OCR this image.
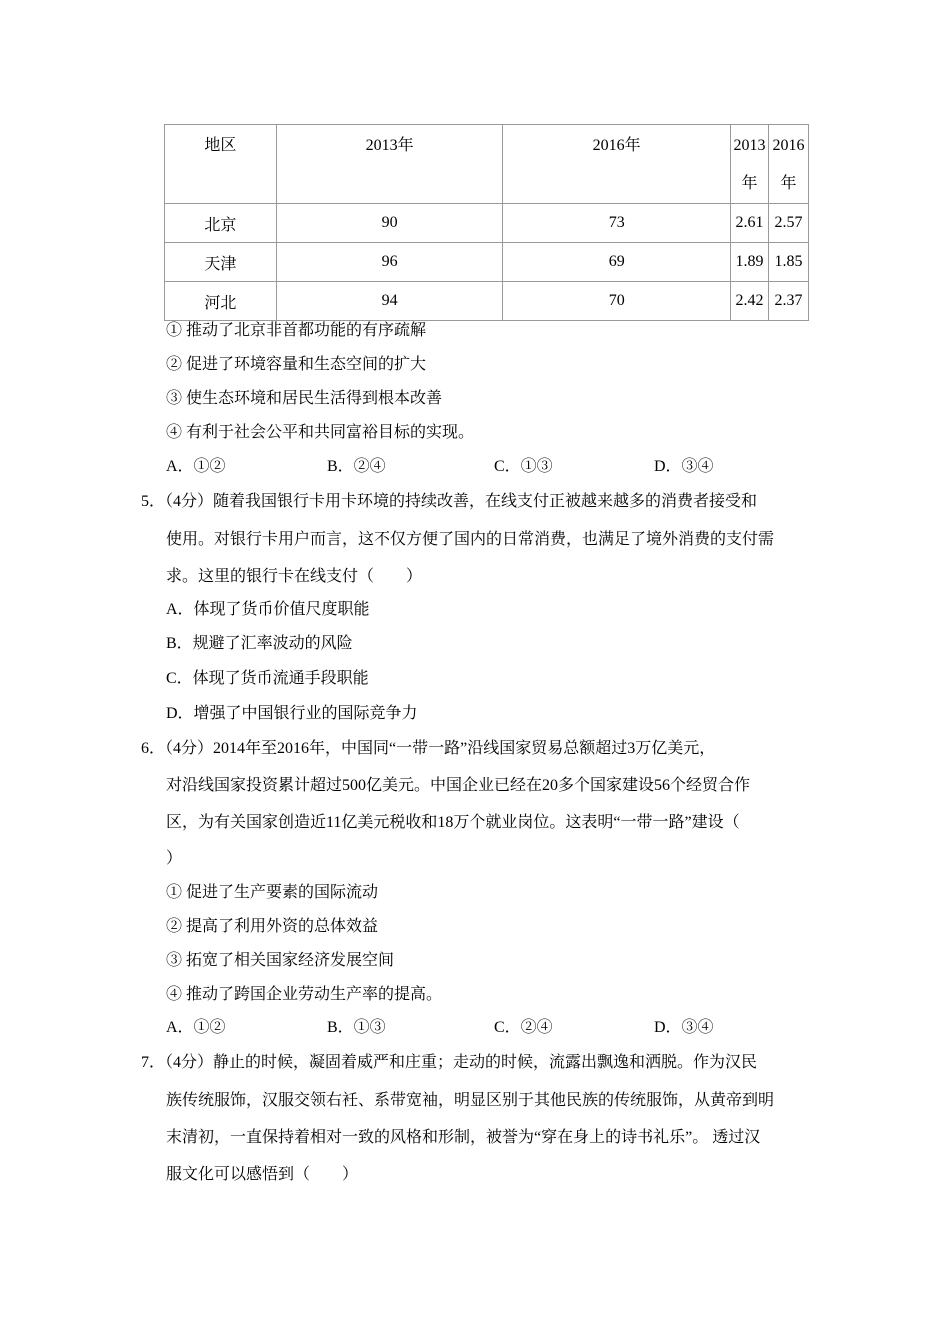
地区	2013年	2016年	2013年	2016年
北京	90	73	2.61	2.57
天津	96	69	1.89	1.85
河北	94	70	2.42	2.37
① 推动了北京非首都功能的有序疏解
② 促进了环境容量和生态空间的扩大
③ 使生态环境和居民生活得到根本改善
④ 有利于社会公平和共同富裕目标的实现。
A．①②	B．②④	C．①③	D．③④
5．（4分）随着我国银行卡用卡环境的持续改善，在线支付正被越来越多的消费者接受和
使用。对银行卡用户而言，这不仅方便了国内的日常消费，也满足了境外消费的支付需
求。这里的银行卡在线支付（　　）
A．体现了货币价值尺度职能
B．规避了汇率波动的风险
C．体现了货币流通手段职能
D．增强了中国银行业的国际竞争力
6．（4分）2014年至2016年，中国同“一带一路”沿线国家贸易总额超过3万亿美元，
对沿线国家投资累计超过500亿美元。中国企业已经在20多个国家建设56个经贸合作
区，为有关国家创造近11亿美元税收和18万个就业岗位。这表明“一带一路”建设（
）
① 促进了生产要素的国际流动
② 提高了利用外资的总体效益
③ 拓宽了相关国家经济发展空间
④ 推动了跨国企业劳动生产率的提高。
A．①②	B．①③	C．②④	D．③④
7．（4分）静止的时候，凝固着威严和庄重；走动的时候，流露出飘逸和洒脱。作为汉民
族传统服饰，汉服交领右衽、系带宽袖，明显区别于其他民族的传统服饰，从黄帝到明
末清初，一直保持着相对一致的风格和形制，被誉为“穿在身上的诗书礼乐”。 透过汉
服文化可以感悟到（　　）
